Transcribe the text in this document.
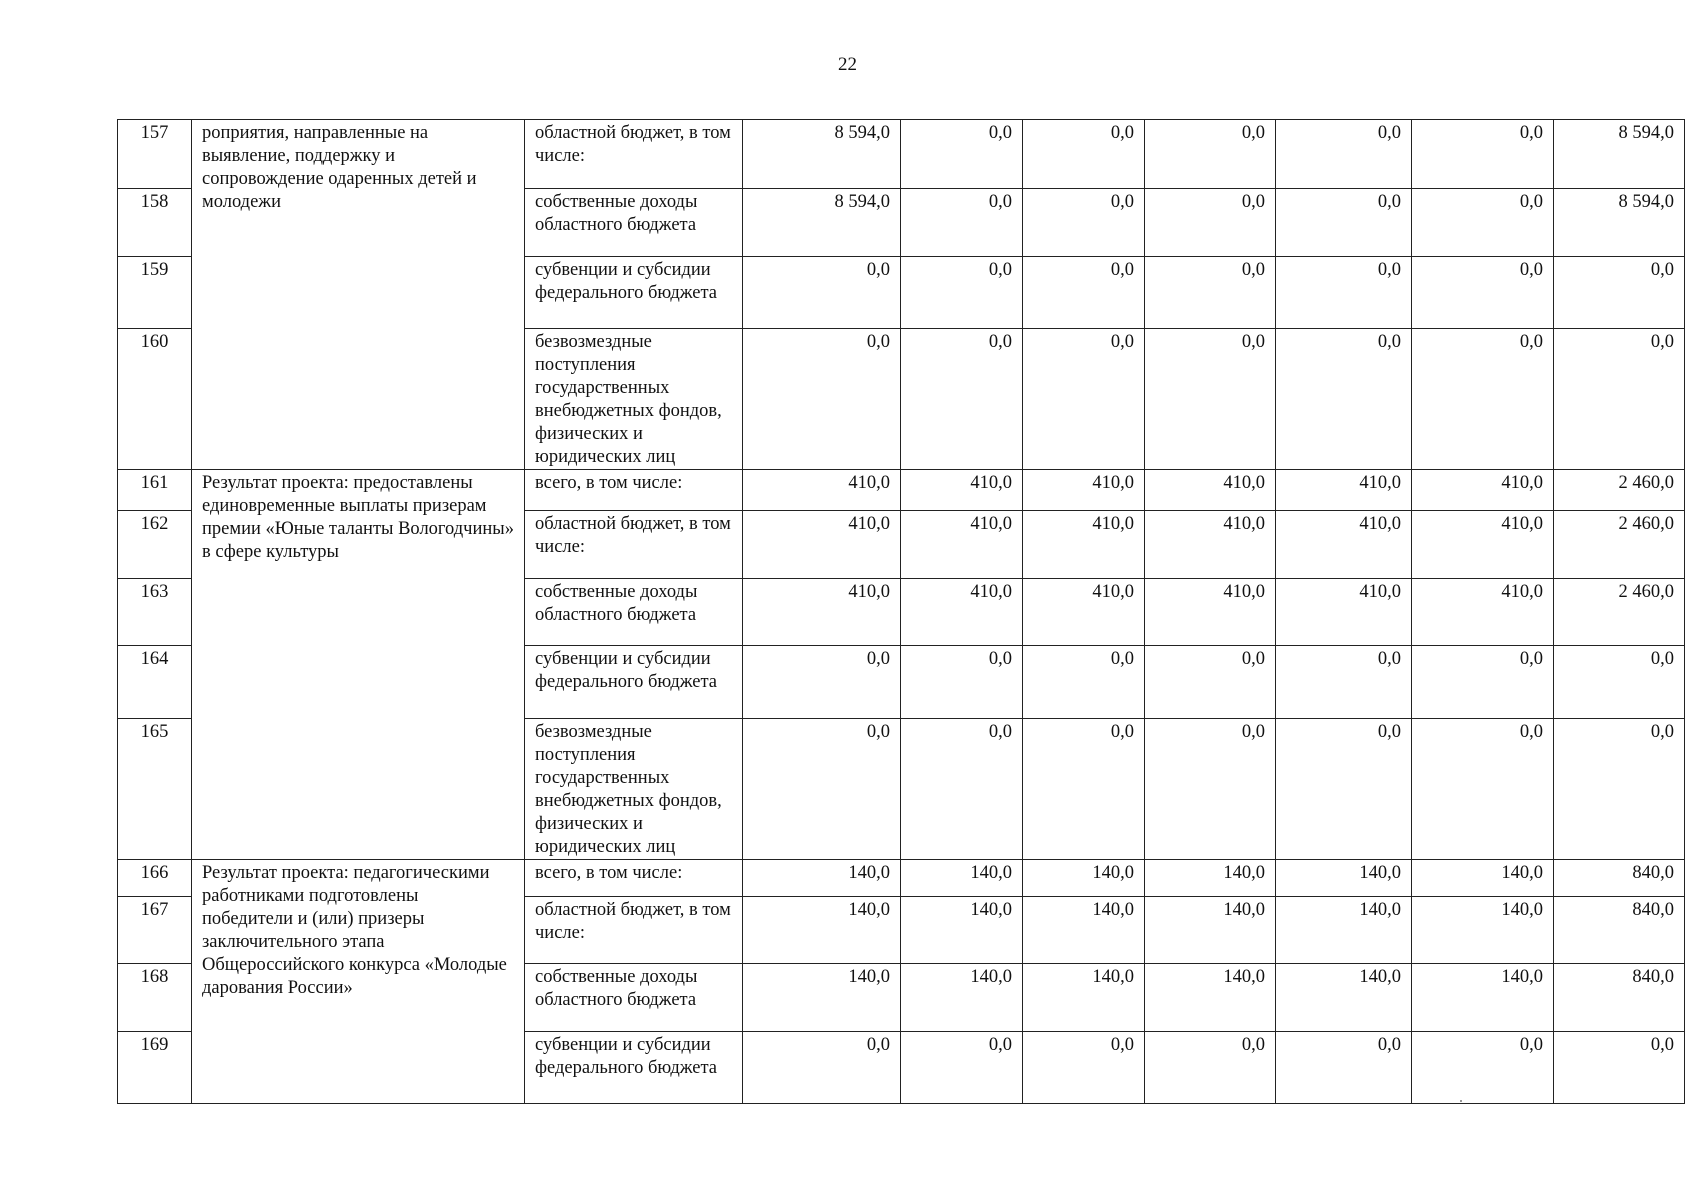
22
157	роприятия, направленные на выявление, поддержку и сопровождение одаренных детей и молодежи	областной бюджет, в том числе:	8 594,0	0,0	0,0	0,0	0,0	0,0	8 594,0
158		собственные доходы областного бюджета	8 594,0	0,0	0,0	0,0	0,0	0,0	8 594,0
159		субвенции и субсидии федерального бюджета	0,0	0,0	0,0	0,0	0,0	0,0	0,0
160		безвозмездные поступления государственных внебюджетных фондов, физических и юридических лиц	0,0	0,0	0,0	0,0	0,0	0,0	0,0
161	Результат проекта: предоставлены единовременные выплаты призерам премии «Юные таланты Вологодчины» в сфере культуры	всего, в том числе:	410,0	410,0	410,0	410,0	410,0	410,0	2 460,0
162		областной бюджет, в том числе:	410,0	410,0	410,0	410,0	410,0	410,0	2 460,0
163		собственные доходы областного бюджета	410,0	410,0	410,0	410,0	410,0	410,0	2 460,0
164		субвенции и субсидии федерального бюджета	0,0	0,0	0,0	0,0	0,0	0,0	0,0
165		безвозмездные поступления государственных внебюджетных фондов, физических и юридических лиц	0,0	0,0	0,0	0,0	0,0	0,0	0,0
166	Результат проекта: педагогическими работниками подготовлены победители и (или) призеры заключительного этапа Общероссийского конкурса «Молодые дарования России»	всего, в том числе:	140,0	140,0	140,0	140,0	140,0	140,0	840,0
167		областной бюджет, в том числе:	140,0	140,0	140,0	140,0	140,0	140,0	840,0
168		собственные доходы областного бюджета	140,0	140,0	140,0	140,0	140,0	140,0	840,0
169		субвенции и субсидии федерального бюджета	0,0	0,0	0,0	0,0	0,0	0,0	0,0
